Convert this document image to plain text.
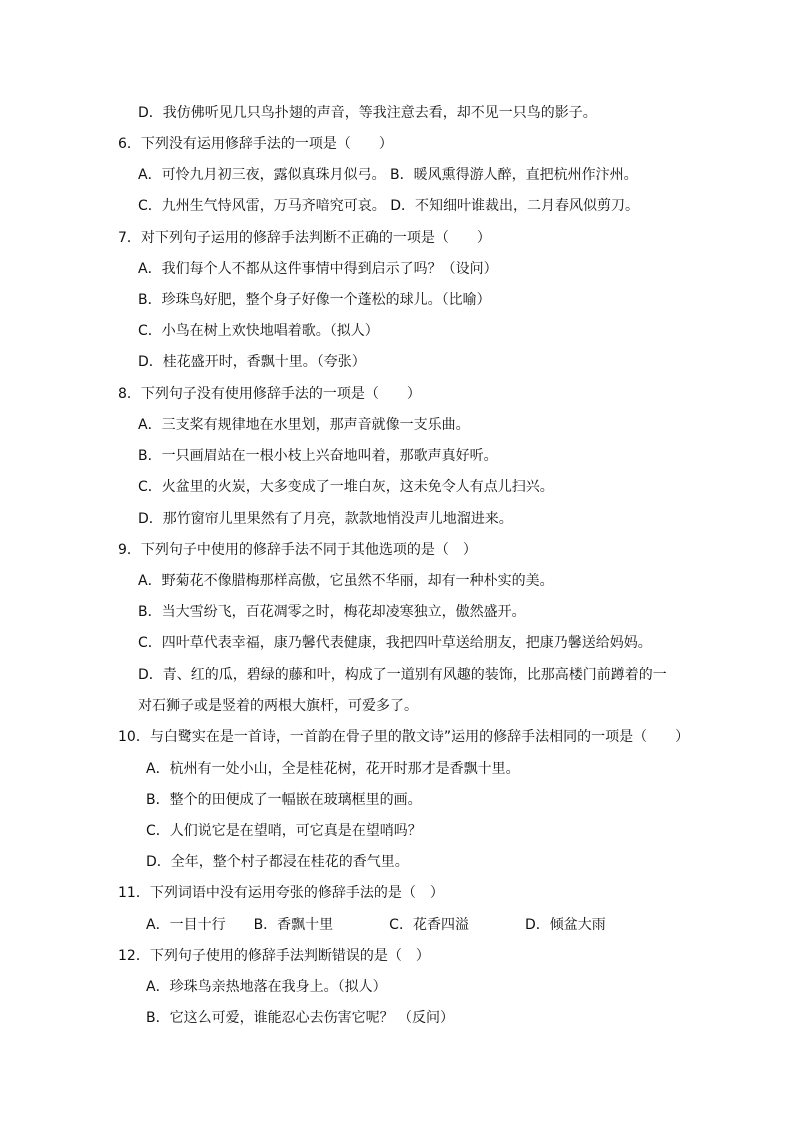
D．我仿佛听见几只鸟扑翅的声音，等我注意去看，却不见一只鸟的影子。
6．下列没有运用修辞手法的一项是（　　）
A．可怜九月初三夜，露似真珠月似弓。 B．暖风熏得游人醉，直把杭州作汴州。
C．九州生气恃风雷，万马齐喑究可哀。 D．不知细叶谁裁出，二月春风似剪刀。
7．对下列句子运用的修辞手法判断不正确的一项是（　　）
A．我们每个人不都从这件事情中得到启示了吗？（设问）
B．珍珠鸟好肥，整个身子好像一个蓬松的球儿。（比喻）
C．小鸟在树上欢快地唱着歌。（拟人）
D．桂花盛开时，香飘十里。（夸张）
8．下列句子没有使用修辞手法的一项是（　　）
A．三支桨有规律地在水里划，那声音就像一支乐曲。
B．一只画眉站在一根小枝上兴奋地叫着，那歌声真好听。
C．火盆里的火炭，大多变成了一堆白灰，这未免令人有点儿扫兴。
D．那竹窗帘儿里果然有了月亮，款款地悄没声儿地溜进来。
9．下列句子中使用的修辞手法不同于其他选项的是（　）
A．野菊花不像腊梅那样高傲，它虽然不华丽，却有一种朴实的美。
B．当大雪纷飞，百花凋零之时，梅花却凌寒独立，傲然盛开。
C．四叶草代表幸福，康乃馨代表健康，我把四叶草送给朋友，把康乃馨送给妈妈。
D．青、红的瓜，碧绿的藤和叶，构成了一道别有风趣的装饰，比那高楼门前蹲着的一
对石狮子或是竖着的两根大旗杆，可爱多了。
10．与白鹭实在是一首诗，一首韵在骨子里的散文诗”运用的修辞手法相同的一项是（　　）
A．杭州有一处小山，全是桂花树，花开时那才是香飘十里。
B．整个的田便成了一幅嵌在玻璃框里的画。
C．人们说它是在望哨，可它真是在望哨吗？
D．全年，整个村子都浸在桂花的香气里。
11．下列词语中没有运用夸张的修辞手法的是（　）
A．一目十行　　B．香飘十里　　　　C．花香四溢　　　　D．倾盆大雨
12．下列句子使用的修辞手法判断错误的是（　）
A．珍珠鸟亲热地落在我身上。（拟人）
B．它这么可爱，谁能忍心去伤害它呢？ （反问）
